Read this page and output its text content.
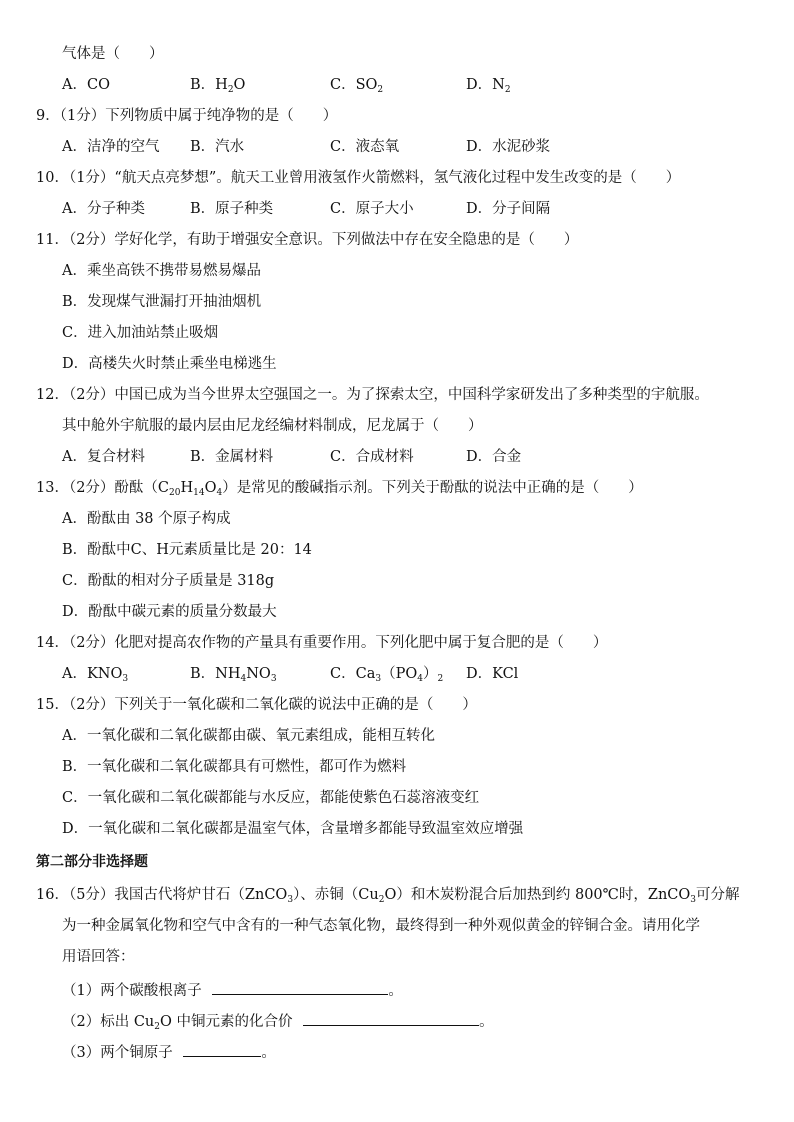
气体是（　　）
A．CO	B．$H_2O$	C．$SO_2$	D．$N_2$
9．（1分）下列物质中属于纯净物的是（　　）
A．洁净的空气 B．汽水	C．液态氧	D．水泥砂浆
10．（1分）“航天点亮梦想”。航天工业曾用液氢作火箭燃料，氢气液化过程中发生改变的是（　　）
A．分子种类	B．原子种类	C．原子大小	D．分子间隔
11．（2分）学好化学，有助于增强安全意识。下列做法中存在安全隐患的是（　　）
A．乘坐高铁不携带易燃易爆品
B．发现煤气泄漏打开抽油烟机
C．进入加油站禁止吸烟
D．高楼失火时禁止乘坐电梯逃生
12．（2分）中国已成为当今世界太空强国之一。为了探索太空，中国科学家研发出了多种类型的宇航服。
其中舱外宇航服的最内层由尼龙经编材料制成，尼龙属于（　　）
A．复合材料	B．金属材料	C．合成材料	D．合金
13．（2分）酚酞$(C_{20}H_{14}O_4)$是常见的酸碱指示剂。下列关于酚酞的说法中正确的是（　　）
A．酚酞由 38 个原子构成
B．酚酞中C、H元素质量比是 20：14
C．酚酞的相对分子质量是 318g
D．酚酞中碳元素的质量分数最大
14．（2分）化肥对提高农作物的产量具有重要作用。下列化肥中属于复合肥的是（　　）
A．$KNO_3$	B．$NH_4NO_3$	C．$Ca_3(PO_4)_2$ D．KCl
15．（2分）下列关于一氧化碳和二氧化碳的说法中正确的是（　　）
A．一氧化碳和二氧化碳都由碳、氧元素组成，能相互转化
B．一氧化碳和二氧化碳都具有可燃性，都可作为燃料
C．一氧化碳和二氧化碳都能与水反应，都能使紫色石蕊溶液变红
D．一氧化碳和二氧化碳都是温室气体，含量增多都能导致温室效应增强
第二部分非选择题
16．（5分）我国古代将炉甘石（ZnCO$_3$）、赤铜$(Cu_2O)$和木炭粉混合后加热到约 800℃时，ZnCO$_3$可分解
为一种金属氧化物和空气中含有的一种气态氧化物，最终得到一种外观似黄金的锌铜合金。请用化学
用语回答：
（1）两个碳酸根离子	。
（2）标出 $Cu_2O$ 中铜元素的化合价	。
（3）两个铜原子	。
